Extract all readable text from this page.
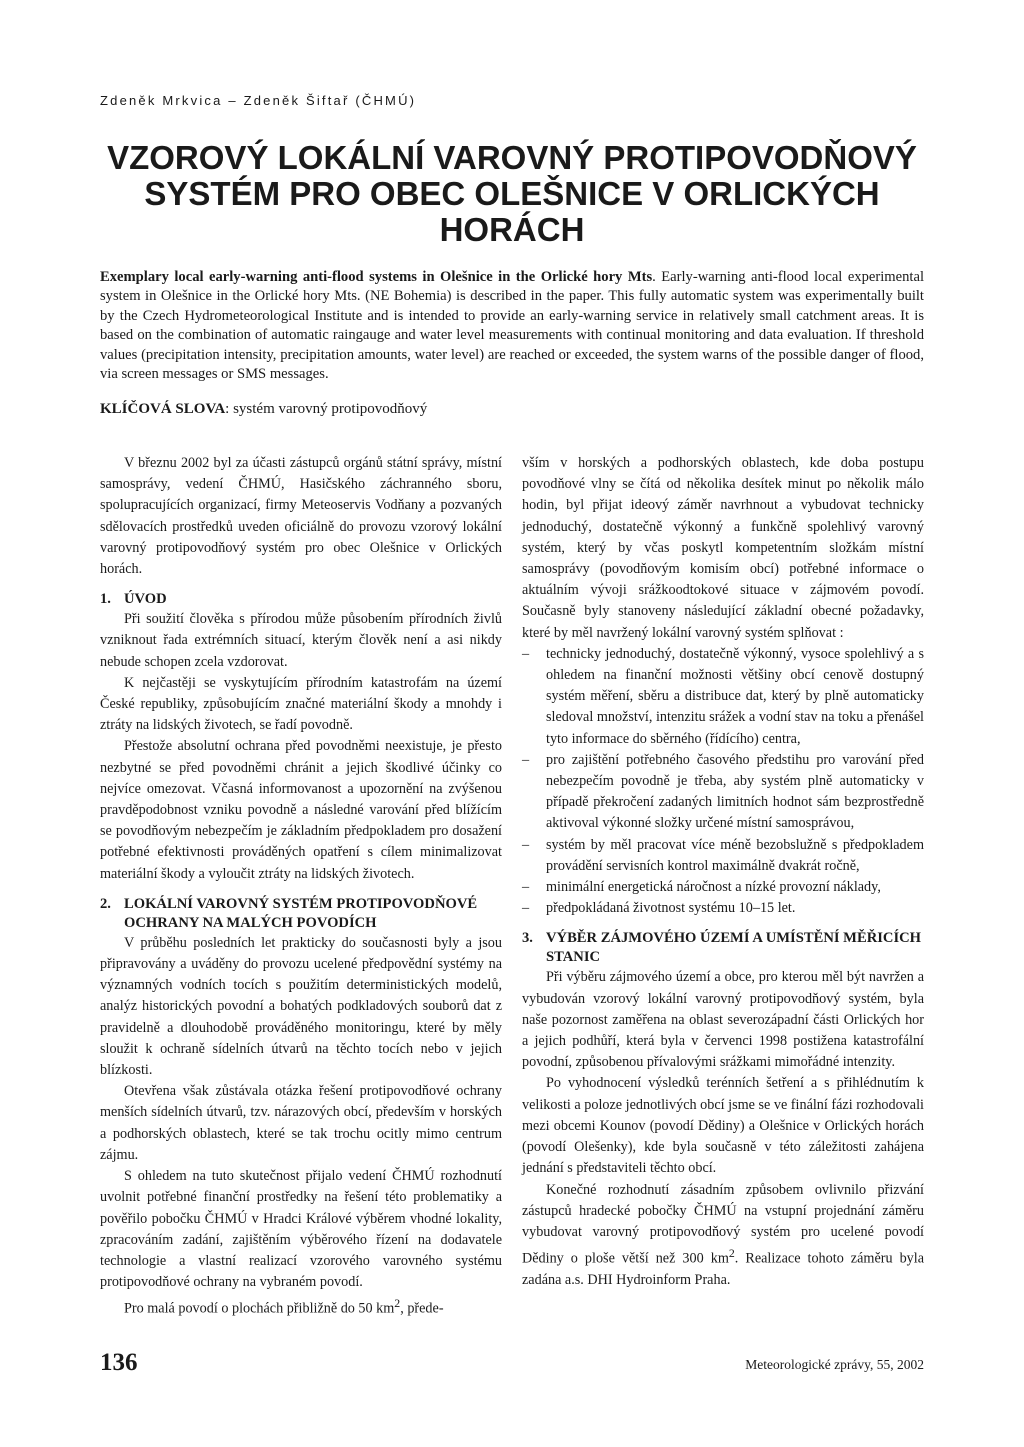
Zdeněk Mrkvica – Zdeněk Šiftař (ČHMÚ)
VZOROVÝ LOKÁLNÍ VAROVNÝ PROTIPOVODŇOVÝ
SYSTÉM PRO OBEC OLEŠNICE V ORLICKÝCH
HORÁCH

Exemplary local early-warning anti-flood systems in Olešnice in the Orlické hory Mts. Early-warning anti-flood local experimental system in Olešnice in the Orlické hory Mts. (NE Bohemia) is described in the paper. This fully automatic system was experimentally built by the Czech Hydrometeorological Institute and is intended to provide an early-warning service in relatively small catchment areas. It is based on the combination of automatic raingauge and water level measurements with continual monitoring and data evaluation. If threshold values (precipitation intensity, precipitation amounts, water level) are reached or exceeded, the system warns of the possible danger of flood, via screen messages or SMS messages.

KLÍČOVÁ SLOVA: systém varovný protipovodňový

V březnu 2002 byl za účasti zástupců orgánů státní správy, místní samosprávy, vedení ČHMÚ, Hasičského záchranného sboru, spolupracujících organizací, firmy Meteoservis Vodňany a pozvaných sdělovacích prostředků uveden oficiálně do provozu vzorový lokální varovný protipovodňový systém pro obec Olešnice v Orlických horách.

1. ÚVOD

Při soužití člověka s přírodou může působením přírodních živlů vzniknout řada extrémních situací, kterým člověk není a asi nikdy nebude schopen zcela vzdorovat.

K nejčastěji se vyskytujícím přírodním katastrofám na území České republiky, způsobujícím značné materiální škody a mnohdy i ztráty na lidských životech, se řadí povodně.

Přestože absolutní ochrana před povodněmi neexistuje, je přesto nezbytné se před povodněmi chránit a jejich škodlivé účinky co nejvíce omezovat. Včasná informovanost a upozornění na zvýšenou pravděpodobnost vzniku povodně a následné varování před blížícím se povodňovým nebezpečím je základním předpokladem pro dosažení potřebné efektivnosti prováděných opatření s cílem minimalizovat materiální škody a vyloučit ztráty na lidských životech.

2. LOKÁLNÍ VAROVNÝ SYSTÉM PROTIPOVODŇOVÉ OCHRANY NA MALÝCH POVODÍCH

V průběhu posledních let prakticky do současnosti byly a jsou připravovány a uváděny do provozu ucelené předpovědní systémy na významných vodních tocích s použitím deterministických modelů, analýz historických povodní a bohatých podkladových souborů dat z pravidelně a dlouhodobě prováděného monitoringu, které by měly sloužit k ochraně sídelních útvarů na těchto tocích nebo v jejich blízkosti.

Otevřena však zůstávala otázka řešení protipovodňové ochrany menších sídelních útvarů, tzv. nárazových obcí, především v horských a podhorských oblastech, které se tak trochu ocitly mimo centrum zájmu.

S ohledem na tuto skutečnost přijalo vedení ČHMÚ rozhodnutí uvolnit potřebné finanční prostředky na řešení této problematiky a pověřilo pobočku ČHMÚ v Hradci Králové výběrem vhodné lokality, zpracováním zadání, zajištěním výběrového řízení na dodavatele technologie a vlastní realizací vzorového varovného systému protipovodňové ochrany na vybraném povodí.

Pro malá povodí o plochách přibližně do 50 $km^2$, přede-

vším v horských a podhorských oblastech, kde doba postupu povodňové vlny se čítá od několika desítek minut po několik málo hodin, byl přijat ideový záměr navrhnout a vybudovat technicky jednoduchý, dostatečně výkonný a funkčně spolehlivý varovný systém, který by včas poskytl kompetentním složkám místní samosprávy (povodňovým komisím obcí) potřebné informace o aktuálním vývoji srážkoodtokové situace v zájmovém povodí. Současně byly stanoveny následující základní obecné požadavky, které by měl navržený lokální varovný systém splňovat :

–	technicky jednoduchý, dostatečně výkonný, vysoce spolehlivý a s ohledem na finanční možnosti většiny obcí cenově dostupný systém měření, sběru a distribuce dat, který by plně automaticky sledoval množství, intenzitu srážek a vodní stav na toku a přenášel tyto informace do sběrného (řídícího) centra,
–	pro zajištění potřebného časového předstihu pro varování před nebezpečím povodně je třeba, aby systém plně automaticky v případě překročení zadaných limitních hodnot sám bezprostředně aktivoval výkonné složky určené místní samosprávou,
–	systém by měl pracovat více méně bezobslužně s předpokladem provádění servisních kontrol maximálně dvakrát ročně,
–	minimální energetická náročnost a nízké provozní náklady,
–	předpokládaná životnost systému 10–15 let.
3. VÝBĚR ZÁJMOVÉHO ÚZEMÍ A UMÍSTĚNÍ MĚŘICÍCH STANIC

Při výběru zájmového území a obce, pro kterou měl být navržen a vybudován vzorový lokální varovný protipovodňový systém, byla naše pozornost zaměřena na oblast severozápadní části Orlických hor a jejich podhůří, která byla v červenci 1998 postižena katastrofální povodní, způsobenou přívalovými srážkami mimořádné intenzity.

Po vyhodnocení výsledků terénních šetření a s přihlédnutím k velikosti a poloze jednotlivých obcí jsme se ve finální fázi rozhodovali mezi obcemi Kounov (povodí Dědiny) a Olešnice v Orlických horách (povodí Olešenky), kde byla současně v této záležitosti zahájena jednání s představiteli těchto obcí.

Konečné rozhodnutí zásadním způsobem ovlivnilo přizvání zástupců hradecké pobočky ČHMÚ na vstupní projednání záměru vybudovat varovný protipovodňový systém pro ucelené povodí Dědiny o ploše větší než 300 $km^2$. Realizace tohoto záměru byla zadána a.s. DHI Hydroinform Praha.

136	Meteorologické zprávy, 55, 2002
